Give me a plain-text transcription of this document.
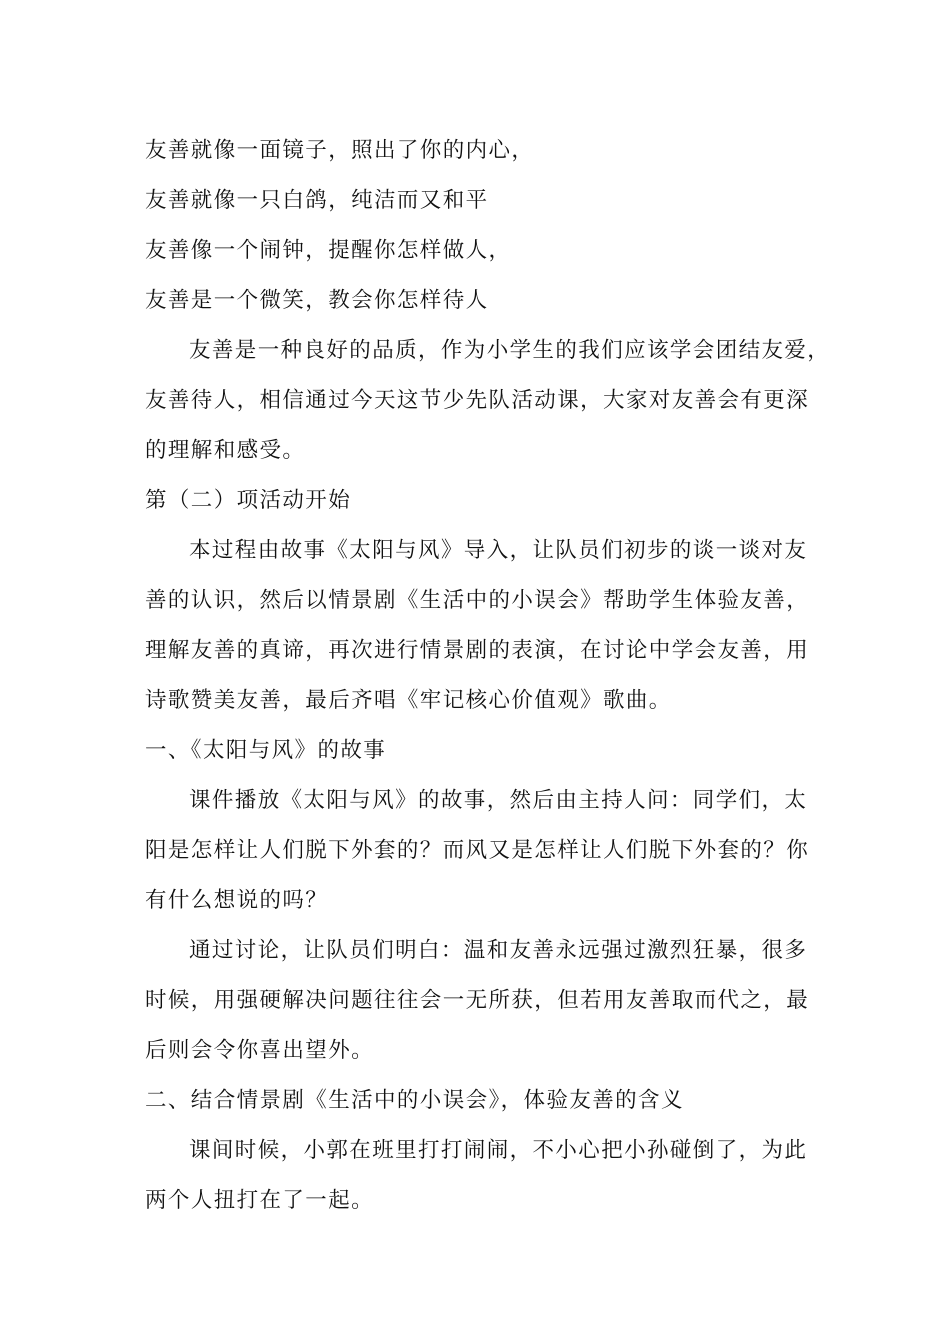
友善就像一面镜子，照出了你的内心，
友善就像一只白鸽，纯洁而又和平
友善像一个闹钟，提醒你怎样做人，
友善是一个微笑，教会你怎样待人
友善是一种良好的品质，作为小学生的我们应该学会团结友爱，
友善待人，相信通过今天这节少先队活动课，大家对友善会有更深
的理解和感受。
第（二）项活动开始
本过程由故事《太阳与风》导入，让队员们初步的谈一谈对友
善的认识，然后以情景剧《生活中的小误会》帮助学生体验友善，
理解友善的真谛，再次进行情景剧的表演，在讨论中学会友善，用
诗歌赞美友善，最后齐唱《牢记核心价值观》歌曲。
一、《太阳与风》的故事
课件播放《太阳与风》的故事，然后由主持人问：同学们，太
阳是怎样让人们脱下外套的？而风又是怎样让人们脱下外套的？你
有什么想说的吗？
通过讨论，让队员们明白：温和友善永远强过激烈狂暴，很多
时候，用强硬解决问题往往会一无所获，但若用友善取而代之，最
后则会令你喜出望外。
二、结合情景剧《生活中的小误会》，体验友善的含义
课间时候，小郭在班里打打闹闹，不小心把小孙碰倒了，为此
两个人扭打在了一起。
